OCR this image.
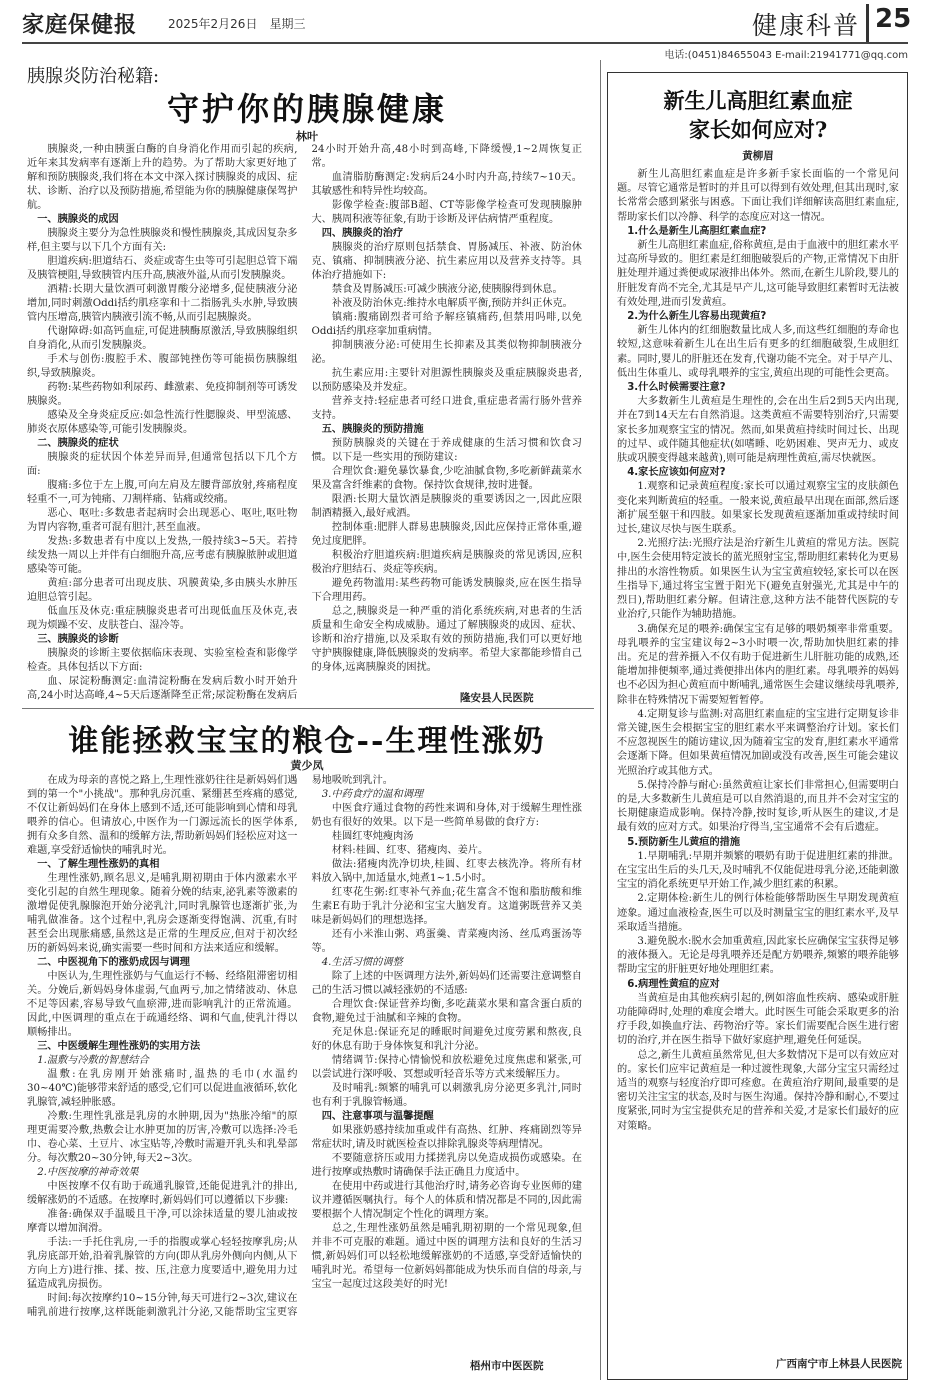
家庭保健报	2025年2月26日　星期三	健康科普 25
电话:(0451)84655043 E-mail:21941771@qq.com
胰腺炎防治秘籍:
守护你的胰腺健康
林叶

胰腺炎,一种由胰蛋白酶的自身消化作用而引起的疾病,近年来其发病率有逐渐上升的趋势。为了帮助大家更好地了解和预防胰腺炎,我们将在本文中深入探讨胰腺炎的成因、症状、诊断、治疗以及预防措施,希望能为你的胰腺健康保驾护航。

一、胰腺炎的成因

胰腺炎主要分为急性胰腺炎和慢性胰腺炎,其成因复杂多样,但主要与以下几个方面有关:

胆道疾病:胆道结石、炎症或寄生虫等可引起胆总管下端及胰管梗阻,导致胰管内压升高,胰液外溢,从而引发胰腺炎。

酒精:长期大量饮酒可刺激胃酸分泌增多,促使胰液分泌增加,同时刺激Oddi括约肌痉挛和十二指肠乳头水肿,导致胰管内压增高,胰管内胰液引流不畅,从而引起胰腺炎。

代谢障碍:如高钙血症,可促进胰酶原激活,导致胰腺组织自身消化,从而引发胰腺炎。

手术与创伤:腹腔手术、腹部钝挫伤等可能损伤胰腺组织,导致胰腺炎。

药物:某些药物如利尿药、雌激素、免疫抑制剂等可诱发胰腺炎。

感染及全身炎症反应:如急性流行性腮腺炎、甲型流感、肺炎衣原体感染等,可能引发胰腺炎。

二、胰腺炎的症状

胰腺炎的症状因个体差异而异,但通常包括以下几个方面:

腹痛:多位于左上腹,可向左肩及左腰背部放射,疼痛程度轻重不一,可为钝痛、刀割样痛、钻痛或绞痛。

恶心、呕吐:多数患者起病时会出现恶心、呕吐,呕吐物为胃内容物,重者可混有胆汁,甚至血液。

发热:多数患者有中度以上发热,一般持续3~5天。若持续发热一周以上并伴有白细胞升高,应考虑有胰腺脓肿或胆道感染等可能。

黄疸:部分患者可出现皮肤、巩膜黄染,多由胰头水肿压迫胆总管引起。

低血压及休克:重症胰腺炎患者可出现低血压及休克,表现为烦躁不安、皮肤苍白、湿冷等。

三、胰腺炎的诊断

胰腺炎的诊断主要依据临床表现、实验室检查和影像学检查。具体包括以下方面:

血、尿淀粉酶测定:血清淀粉酶在发病后数小时开始升高,24小时达高峰,4~5天后逐渐降至正常;尿淀粉酶在发病后24小时开始升高,48小时到高峰,下降缓慢,1~2周恢复正常。

血清脂肪酶测定:发病后24小时内升高,持续7~10天。其敏感性和特异性均较高。

影像学检查:腹部B超、CT等影像学检查可发现胰腺肿大、胰周积液等征象,有助于诊断及评估病情严重程度。

四、胰腺炎的治疗

胰腺炎的治疗原则包括禁食、胃肠减压、补液、防治休克、镇痛、抑制胰液分泌、抗生素应用以及营养支持等。具体治疗措施如下:

禁食及胃肠减压:可减少胰液分泌,使胰腺得到休息。

补液及防治休克:维持水电解质平衡,预防并纠正休克。

镇痛:腹痛剧烈者可给予解痉镇痛药,但禁用吗啡,以免Oddi括约肌痉挛加重病情。

抑制胰液分泌:可使用生长抑素及其类似物抑制胰液分泌。

抗生素应用:主要针对胆源性胰腺炎及重症胰腺炎患者,以预防感染及并发症。

营养支持:轻症患者可经口进食,重症患者需行肠外营养支持。

五、胰腺炎的预防措施

预防胰腺炎的关键在于养成健康的生活习惯和饮食习惯。以下是一些实用的预防建议:

合理饮食:避免暴饮暴食,少吃油腻食物,多吃新鲜蔬菜水果及富含纤维素的食物。保持饮食规律,按时进餐。

限酒:长期大量饮酒是胰腺炎的重要诱因之一,因此应限制酒精摄入,最好戒酒。

控制体重:肥胖人群易患胰腺炎,因此应保持正常体重,避免过度肥胖。

积极治疗胆道疾病:胆道疾病是胰腺炎的常见诱因,应积极治疗胆结石、炎症等疾病。

避免药物滥用:某些药物可能诱发胰腺炎,应在医生指导下合理用药。

总之,胰腺炎是一种严重的消化系统疾病,对患者的生活质量和生命安全构成威胁。通过了解胰腺炎的成因、症状、诊断和治疗措施,以及采取有效的预防措施,我们可以更好地守护胰腺健康,降低胰腺炎的发病率。希望大家都能珍惜自己的身体,远离胰腺炎的困扰。

隆安县人民医院
谁能拯救宝宝的粮仓--生理性涨奶
黄少凤

在成为母亲的喜悦之路上,生理性涨奶往往是新妈妈们遇到的第一个"小挑战"。那种乳房沉重、紧绷甚至疼痛的感觉,不仅让新妈妈们在身体上感到不适,还可能影响到心情和母乳喂养的信心。但请放心,中医作为一门源远流长的医学体系,拥有众多自然、温和的缓解方法,帮助新妈妈们轻松应对这一难题,享受舒适愉快的哺乳时光。

一、了解生理性涨奶的真相

生理性涨奶,顾名思义,是哺乳期初期由于体内激素水平变化引起的自然生理现象。随着分娩的结束,泌乳素等激素的激增促使乳腺腺泡开始分泌乳汁,同时乳腺管也逐渐扩张,为哺乳做准备。这个过程中,乳房会逐渐变得饱满、沉重,有时甚至会出现胀痛感,虽然这是正常的生理反应,但对于初次经历的新妈妈来说,确实需要一些时间和方法来适应和缓解。

二、中医视角下的涨奶成因与调理

中医认为,生理性涨奶与气血运行不畅、经络阻滞密切相关。分娩后,新妈妈身体虚弱,气血两亏,加之情绪波动、休息不足等因素,容易导致气血瘀滞,进而影响乳汁的正常流通。因此,中医调理的重点在于疏通经络、调和气血,使乳汁得以顺畅排出。

三、中医缓解生理性涨奶的实用方法
1.温敷与冷敷的智慧结合

温敷:在乳房刚开始涨痛时,温热的毛巾(水温约30~40℃)能够带来舒适的感受,它们可以促进血液循环,软化乳腺管,减轻肿胀感。

冷敷:生理性乳涨是乳房的水肿期,因为"热胀冷缩"的原理更需要冷敷,热敷会让水肿更加的厉害,冷敷可以选择:冷毛巾、卷心菜、土豆片、冰宝贴等,冷敷时需避开乳头和乳晕部分。每次敷20~30分钟,每天2~3次。

2.中医按摩的神奇效果

中医按摩不仅有助于疏通乳腺管,还能促进乳汁的排出,缓解涨奶的不适感。在按摩时,新妈妈们可以遵循以下步骤:

准备:确保双手温暖且干净,可以涂抹适量的婴儿油或按摩膏以增加润滑。

手法:一手托住乳房,一手的指腹或掌心轻轻按摩乳房;从乳房底部开始,沿着乳腺管的方向(即从乳房外侧向内侧,从下方向上方)进行推、揉、按、压,注意力度要适中,避免用力过猛造成乳房损伤。

时间:每次按摩约10~15分钟,每天可进行2~3次,建议在哺乳前进行按摩,这样既能刺激乳汁分泌,又能帮助宝宝更容易地吸吮到乳汁。

3.中药食疗的温和调理

中医食疗通过食物的药性来调和身体,对于缓解生理性涨奶也有很好的效果。以下是一些简单易做的食疗方:

桂圆红枣炖瘦肉汤

材料:桂圆、红枣、猪瘦肉、姜片。

做法:猪瘦肉洗净切块,桂圆、红枣去核洗净。将所有材料放入锅中,加适量水,炖煮1~1.5小时。

红枣花生粥:红枣补气养血;花生富含不饱和脂肪酸和维生素E有助于乳汁分泌和宝宝大脑发育。这道粥既营养又美味是新妈妈们的理想选择。

还有小米淮山粥、鸡蛋羹、青菜瘦肉汤、丝瓜鸡蛋汤等等。

4.生活习惯的调整

除了上述的中医调理方法外,新妈妈们还需要注意调整自己的生活习惯以减轻涨奶的不适感:

合理饮食:保证营养均衡,多吃蔬菜水果和富含蛋白质的食物,避免过于油腻和辛辣的食物。

充足休息:保证充足的睡眠时间避免过度劳累和熬夜,良好的休息有助于身体恢复和乳汁分泌。

情绪调节:保持心情愉悦和放松避免过度焦虑和紧张,可以尝试进行深呼吸、冥想或听轻音乐等方式来缓解压力。

及时哺乳:频繁的哺乳可以刺激乳房分泌更多乳汁,同时也有利于乳腺管畅通。

四、注意事项与温馨提醒

如果涨奶感持续加重或伴有高热、红肿、疼痛剧烈等异常症状时,请及时就医检查以排除乳腺炎等病理情况。

不要随意挤压或用力揉搓乳房以免造成损伤或感染。在进行按摩或热敷时请确保手法正确且力度适中。

在使用中药或进行其他治疗时,请务必咨询专业医师的建议并遵循医嘱执行。每个人的体质和情况都是不同的,因此需要根据个人情况制定个性化的调理方案。

总之,生理性涨奶虽然是哺乳期初期的一个常见现象,但并非不可克服的难题。通过中医的调理方法和良好的生活习惯,新妈妈们可以轻松地缓解涨奶的不适感,享受舒适愉快的哺乳时光。希望每一位新妈妈都能成为快乐而自信的母亲,与宝宝一起度过这段美好的时光!

梧州市中医医院
新生儿高胆红素血症
家长如何应对?
黄柳眉

新生儿高胆红素血症是许多新手家长面临的一个常见问题。尽管它通常是暂时的并且可以得到有效处理,但其出现时,家长常常会感到紧张与困惑。下面让我们详细解读高胆红素血症,帮助家长们以冷静、科学的态度应对这一情况。

1.什么是新生儿高胆红素血症?

新生儿高胆红素血症,俗称黄疸,是由于血液中的胆红素水平过高所导致的。胆红素是红细胞破裂后的产物,正常情况下由肝脏处理并通过粪便或尿液排出体外。然而,在新生儿阶段,婴儿的肝脏发育尚不完全,尤其是早产儿,这可能导致胆红素暂时无法被有效处理,进而引发黄疸。

2.为什么新生儿容易出现黄疸?

新生儿体内的红细胞数量比成人多,而这些红细胞的寿命也较短,这意味着新生儿在出生后有更多的红细胞破裂,生成胆红素。同时,婴儿的肝脏还在发育,代谢功能不完全。对于早产儿、低出生体重儿、或母乳喂养的宝宝,黄疸出现的可能性会更高。

3.什么时候需要注意?

大多数新生儿黄疸是生理性的,会在出生后2到5天内出现,并在7到14天左右自然消退。这类黄疸不需要特别治疗,只需要家长多加观察宝宝的情况。然而,如果黄疸持续时间过长、出现的过早、或伴随其他症状(如嗜睡、吃奶困难、哭声无力、或皮肤或巩膜变得越来越黄),则可能是病理性黄疸,需尽快就医。

4.家长应该如何应对?

1.观察和记录黄疸程度:家长可以通过观察宝宝的皮肤颜色变化来判断黄疸的轻重。一般来说,黄疸最早出现在面部,然后逐渐扩展至躯干和四肢。如果家长发现黄疸逐渐加重或持续时间过长,建议尽快与医生联系。

2.光照疗法:光照疗法是治疗新生儿黄疸的常见方法。医院中,医生会使用特定波长的蓝光照射宝宝,帮助胆红素转化为更易排出的水溶性物质。如果医生认为宝宝黄疸较轻,家长可以在医生指导下,通过将宝宝置于阳光下(避免直射强光,尤其是中午的烈日),帮助胆红素分解。但请注意,这种方法不能替代医院的专业治疗,只能作为辅助措施。

3.确保充足的喂养:确保宝宝有足够的喂奶频率非常重要。母乳喂养的宝宝建议每2~3小时喂一次,帮助加快胆红素的排出。充足的营养摄入不仅有助于促进新生儿肝脏功能的成熟,还能增加排便频率,通过粪便排出体内的胆红素。母乳喂养的妈妈也不必因为担心黄疸而中断哺乳,通常医生会建议继续母乳喂养,除非在特殊情况下需要短暂暂停。

4.定期复诊与监测:对高胆红素血症的宝宝进行定期复诊非常关键,医生会根据宝宝的胆红素水平来调整治疗计划。家长们不应忽视医生的随访建议,因为随着宝宝的发育,胆红素水平通常会逐渐下降。但如果黄疸情况加剧或没有改善,医生可能会建议光照治疗或其他方式。

5.保持冷静与耐心:虽然黄疸让家长们非常担心,但需要明白的是,大多数新生儿黄疸是可以自然消退的,而且并不会对宝宝的长期健康造成影响。保持冷静,按时复诊,听从医生的建议,才是最有效的应对方式。如果治疗得当,宝宝通常不会有后遗症。

5.预防新生儿黄疸的措施

1.早期哺乳:早期并频繁的喂奶有助于促进胆红素的排泄。在宝宝出生后的头几天,及时哺乳不仅能促进母乳分泌,还能刺激宝宝的消化系统更早开始工作,减少胆红素的积累。

2.定期体检:新生儿的例行体检能够帮助医生早期发现黄疸迹象。通过血液检查,医生可以及时测量宝宝的胆红素水平,及早采取适当措施。

3.避免脱水:脱水会加重黄疸,因此家长应确保宝宝获得足够的液体摄入。无论是母乳喂养还是配方奶喂养,频繁的喂养能够帮助宝宝的肝脏更好地处理胆红素。

6.病理性黄疸的应对

当黄疸是由其他疾病引起的,例如溶血性疾病、感染或肝脏功能障碍时,处理的难度会增大。此时医生可能会采取更多的治疗手段,如换血疗法、药物治疗等。家长们需要配合医生进行密切的治疗,并在医生指导下做好家庭护理,避免任何延误。

总之,新生儿黄疸虽然常见,但大多数情况下是可以有效应对的。家长们应牢记黄疸是一种过渡性现象,大部分宝宝只需经过适当的观察与轻度治疗即可痊愈。在黄疸治疗期间,最重要的是密切关注宝宝的状态,及时与医生沟通。保持冷静和耐心,不要过度紧张,同时为宝宝提供充足的营养和关爱,才是家长们最好的应对策略。

广西南宁市上林县人民医院
